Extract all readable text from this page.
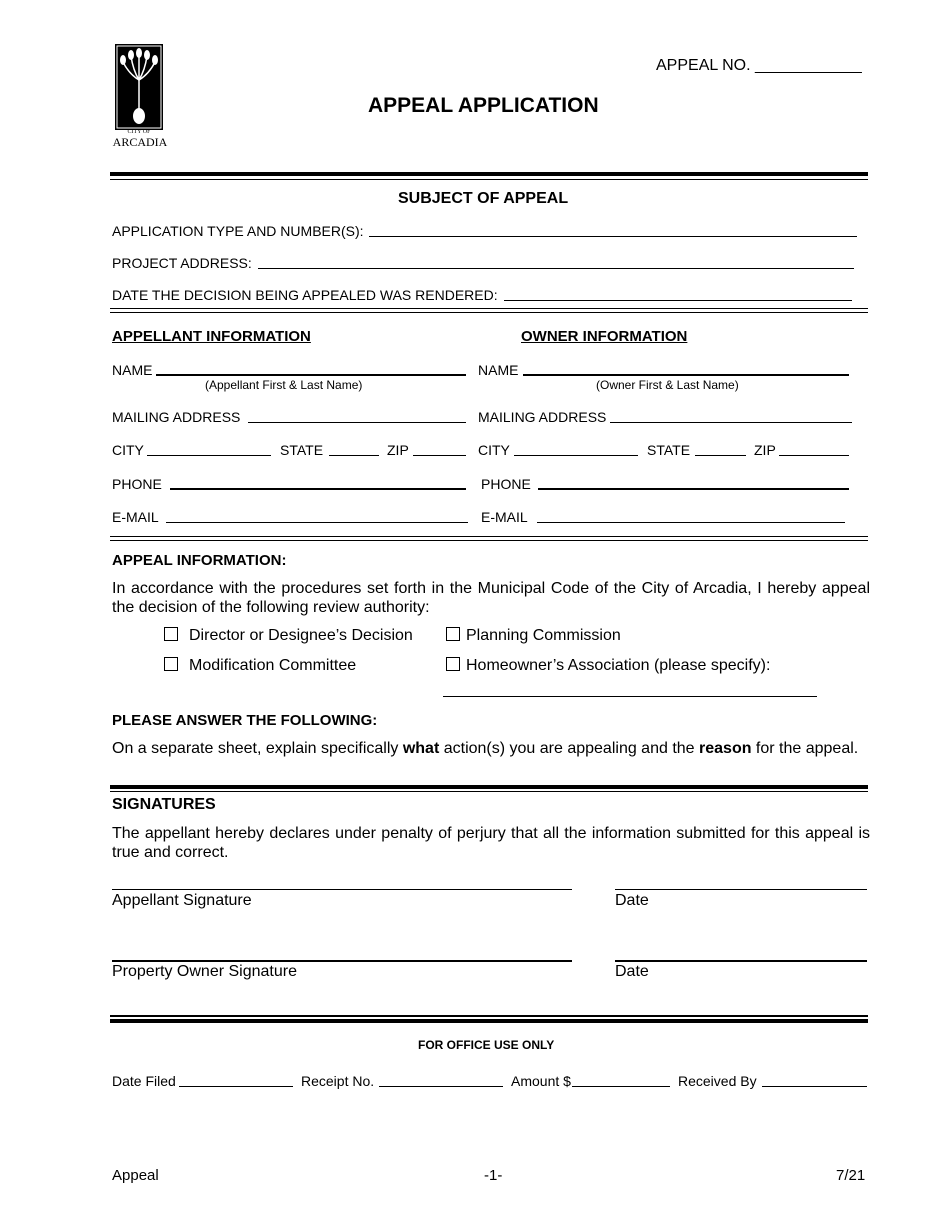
CITY OF
ARCADIA
APPEAL NO. ____________
APPEAL APPLICATION
SUBJECT OF APPEAL
APPLICATION TYPE AND NUMBER(S):
PROJECT ADDRESS:
DATE THE DECISION BEING APPEALED WAS RENDERED:
APPELLANT INFORMATION	OWNER INFORMATION
NAME
(Appellant First & Last Name)
NAME
(Owner First & Last Name)
MAILING ADDRESS	MAILING ADDRESS
CITY	STATE	ZIP	CITY	STATE	ZIP
PHONE	PHONE
E-MAIL	E-MAIL
APPEAL INFORMATION:
In accordance with the procedures set forth in the Municipal Code of the City of Arcadia, I hereby appeal the decision of the following review authority:
Director or Designee’s Decision	Planning Commission
Modification Committee	Homeowner’s Association (please specify):
PLEASE ANSWER THE FOLLOWING:
On a separate sheet, explain specifically what action(s) you are appealing and the reason for the appeal.
SIGNATURES
The appellant hereby declares under penalty of perjury that all the information submitted for this appeal is true and correct.
Appellant Signature	Date
Property Owner Signature	Date
FOR OFFICE USE ONLY
Date Filed	Receipt No.	Amount $	Received By
Appeal	-1-	7/21
